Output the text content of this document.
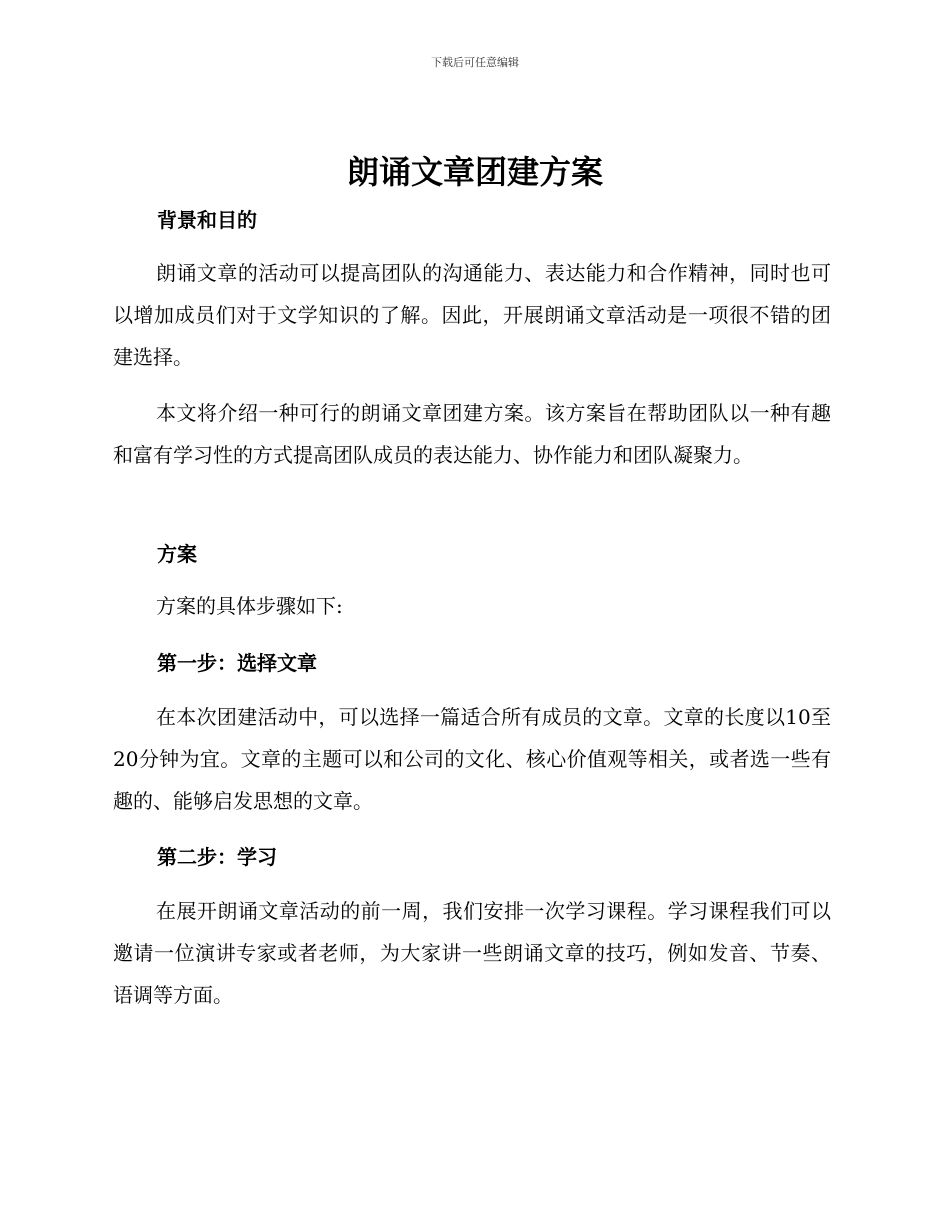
下载后可任意编辑
朗诵文章团建方案
背景和目的

朗诵文章的活动可以提高团队的沟通能力、表达能力和合作精神，同时也可以增加成员们对于文学知识的了解。因此，开展朗诵文章活动是一项很不错的团建选择。

本文将介绍一种可行的朗诵文章团建方案。该方案旨在帮助团队以一种有趣和富有学习性的方式提高团队成员的表达能力、协作能力和团队凝聚力。

方案

方案的具体步骤如下:

第一步：选择文章

在本次团建活动中，可以选择一篇适合所有成员的文章。文章的长度以10至20分钟为宜。文章的主题可以和公司的文化、核心价值观等相关，或者选一些有趣的、能够启发思想的文章。

第二步：学习

在展开朗诵文章活动的前一周，我们安排一次学习课程。学习课程我们可以邀请一位演讲专家或者老师，为大家讲一些朗诵文章的技巧，例如发音、节奏、语调等方面。
